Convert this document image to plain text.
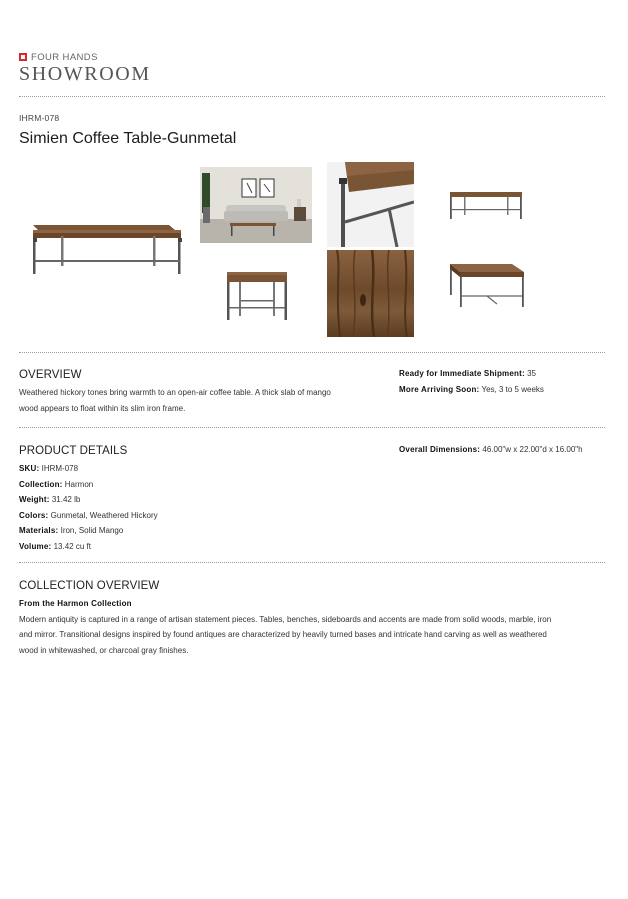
FOUR HANDS
SHOWROOM
IHRM-078
Simien Coffee Table-Gunmetal
OVERVIEW
Weathered hickory tones bring warmth to an open-air coffee table. A thick slab of mango
wood appears to float within its slim iron frame.
Ready for Immediate Shipment: 35
More Arriving Soon: Yes, 3 to 5 weeks
PRODUCT DETAILS
SKU: IHRM-078
Collection: Harmon
Weight: 31.42 lb
Colors: Gunmetal, Weathered Hickory
Materials: Iron, Solid Mango
Volume: 13.42 cu ft
Overall Dimensions: 46.00"w x 22.00"d x 16.00"h
COLLECTION OVERVIEW
From the Harmon Collection
Modern antiquity is captured in a range of artisan statement pieces. Tables, benches, sideboards and accents are made from solid woods, marble, iron
and mirror. Transitional designs inspired by found antiques are characterized by heavily turned bases and intricate hand carving as well as weathered
wood in whitewashed, or charcoal gray finishes.
